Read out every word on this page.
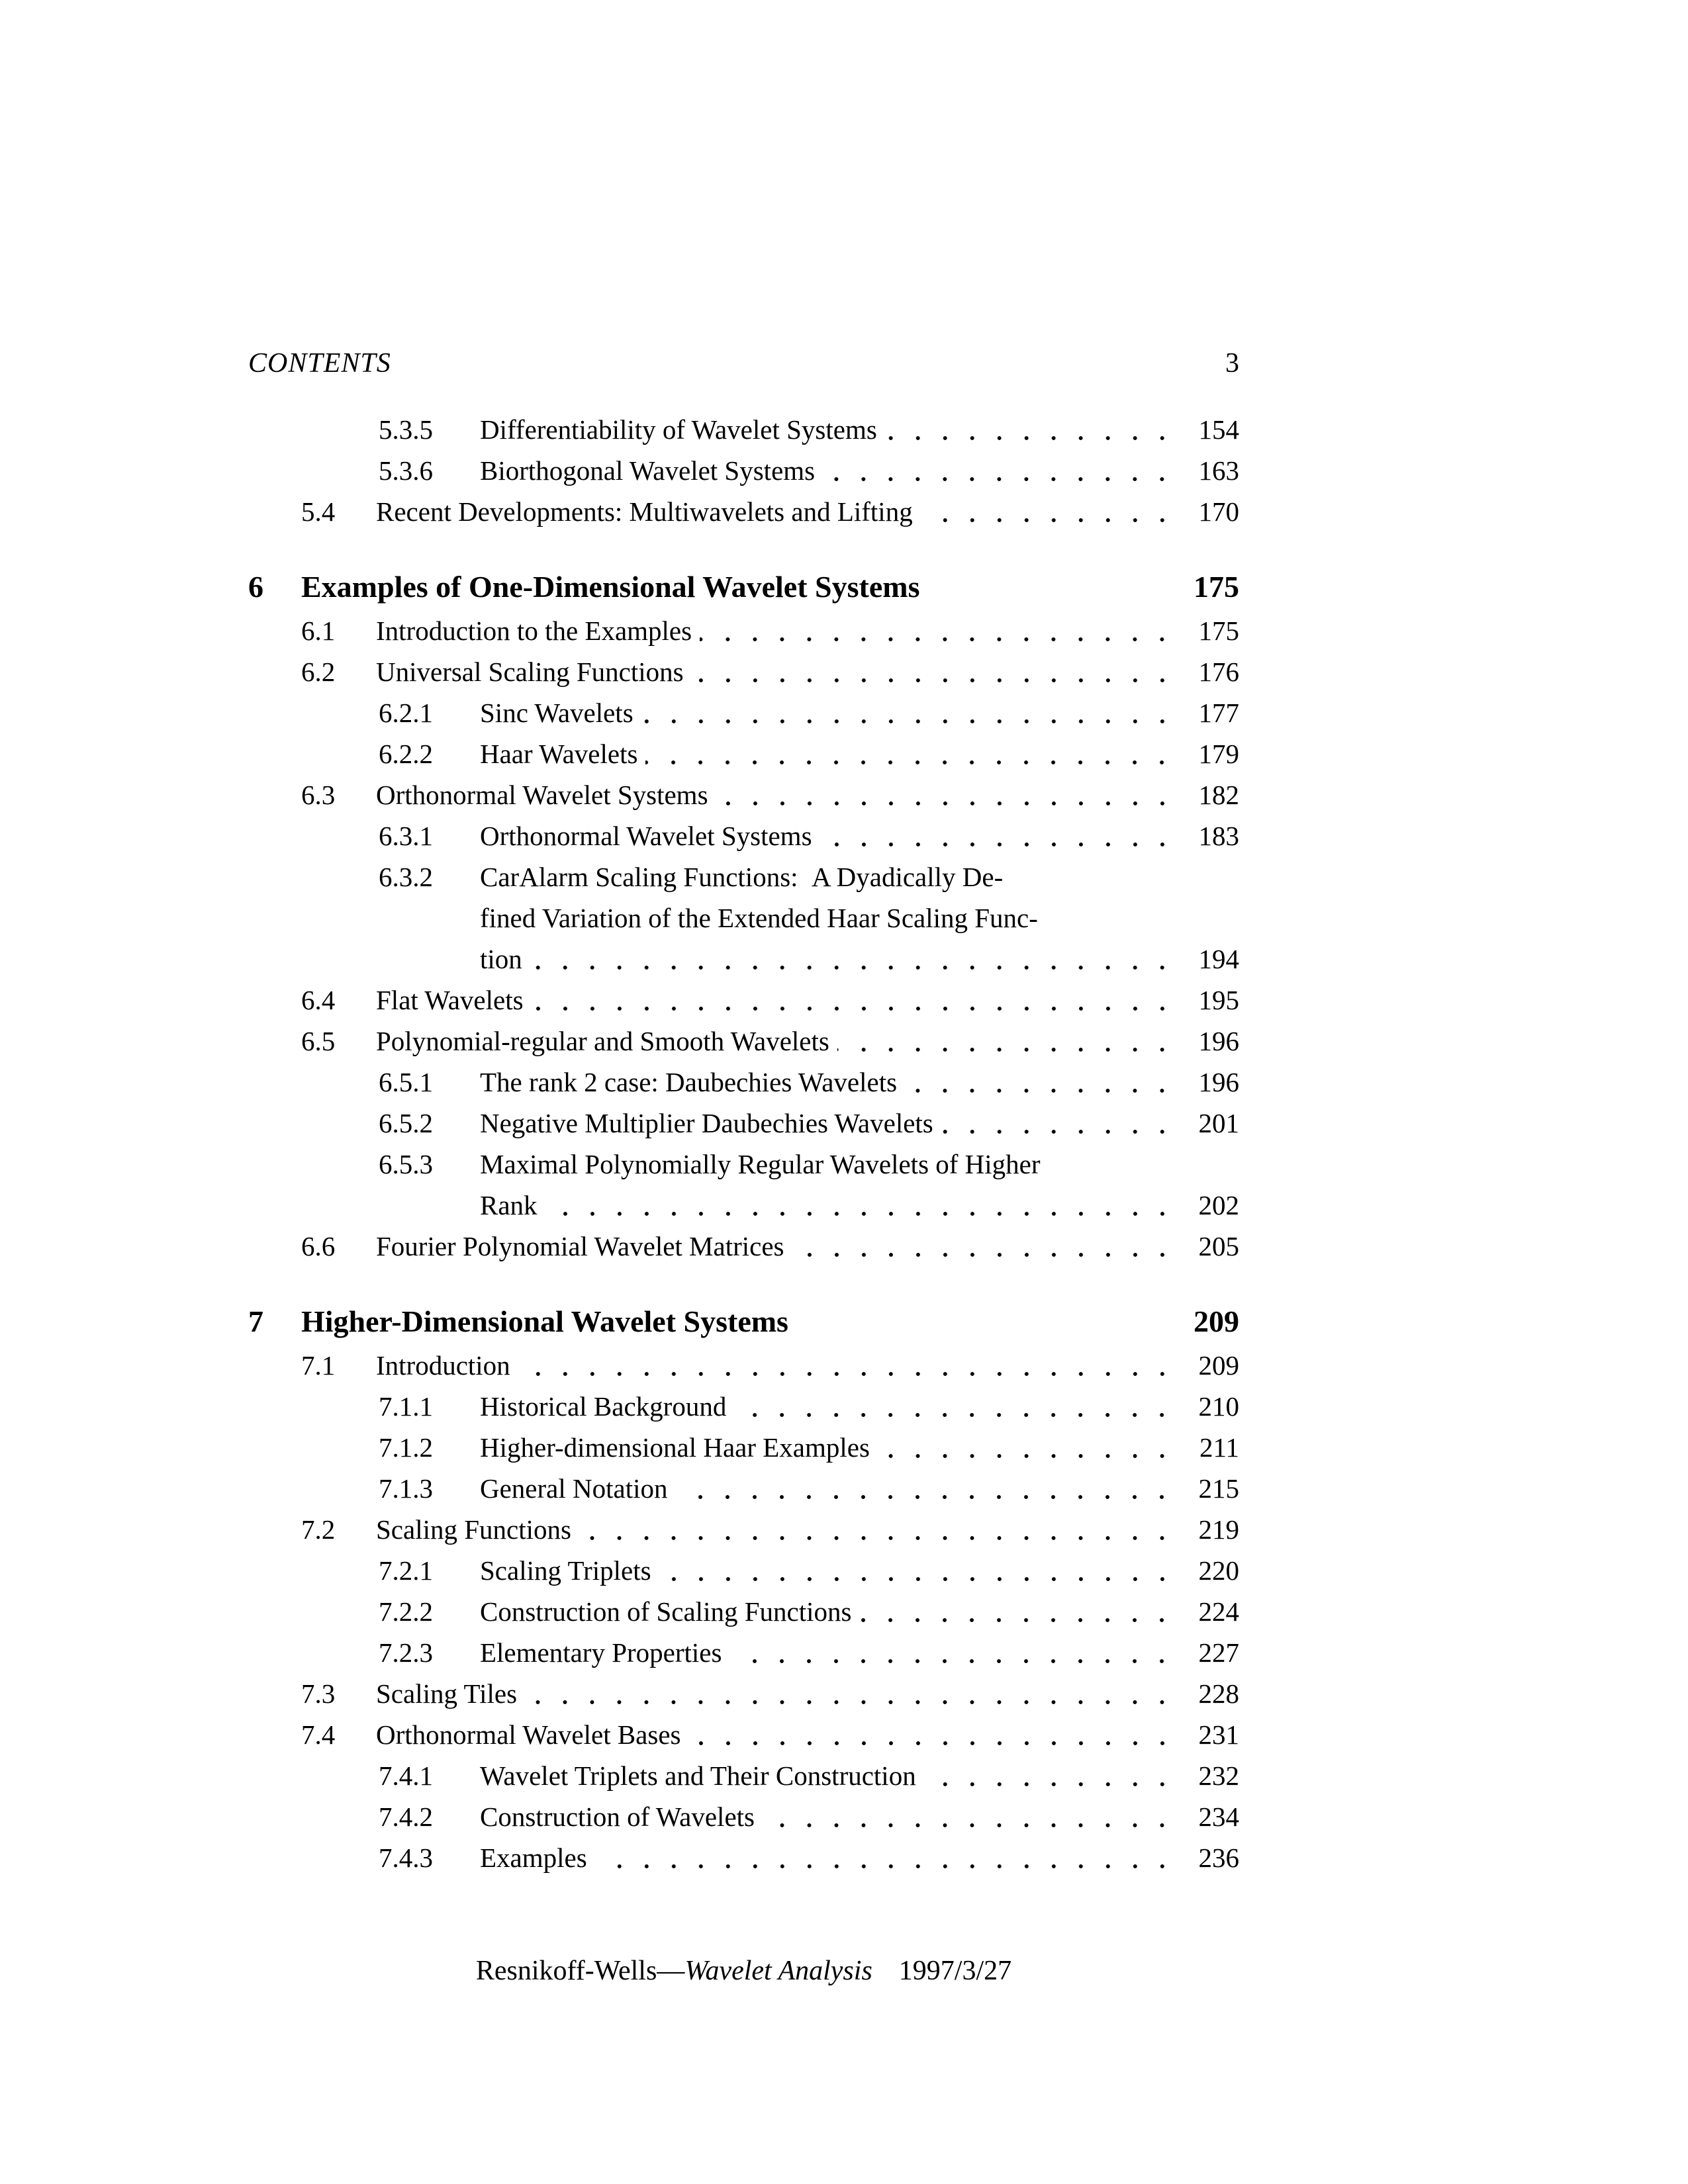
CONTENTS	3
5.3.5	Differentiability of Wavelet Systems	154
5.3.6	Biorthogonal Wavelet Systems	163
5.4	Recent Developments: Multiwavelets and Lifting	170
6	Examples of One-Dimensional Wavelet Systems	175
6.1	Introduction to the Examples	175
6.2	Universal Scaling Functions	176
6.2.1	Sinc Wavelets	177
6.2.2	Haar Wavelets	179
6.3	Orthonormal Wavelet Systems	182
6.3.1	Orthonormal Wavelet Systems	183
6.3.2	CarAlarm Scaling Functions: A Dyadically De-
fined Variation of the Extended Haar Scaling Func-
tion	194
6.4	Flat Wavelets	195
6.5	Polynomial-regular and Smooth Wavelets	196
6.5.1	The rank 2 case: Daubechies Wavelets	196
6.5.2	Negative Multiplier Daubechies Wavelets	201
6.5.3	Maximal Polynomially Regular Wavelets of Higher
Rank	202
6.6	Fourier Polynomial Wavelet Matrices	205
7	Higher-Dimensional Wavelet Systems	209
7.1	Introduction	209
7.1.1	Historical Background	210
7.1.2	Higher-dimensional Haar Examples	211
7.1.3	General Notation	215
7.2	Scaling Functions	219
7.2.1	Scaling Triplets	220
7.2.2	Construction of Scaling Functions	224
7.2.3	Elementary Properties	227
7.3	Scaling Tiles	228
7.4	Orthonormal Wavelet Bases	231
7.4.1	Wavelet Triplets and Their Construction	232
7.4.2	Construction of Wavelets	234
7.4.3	Examples	236
Resnikoff-Wells—Wavelet Analysis 1997/3/27
